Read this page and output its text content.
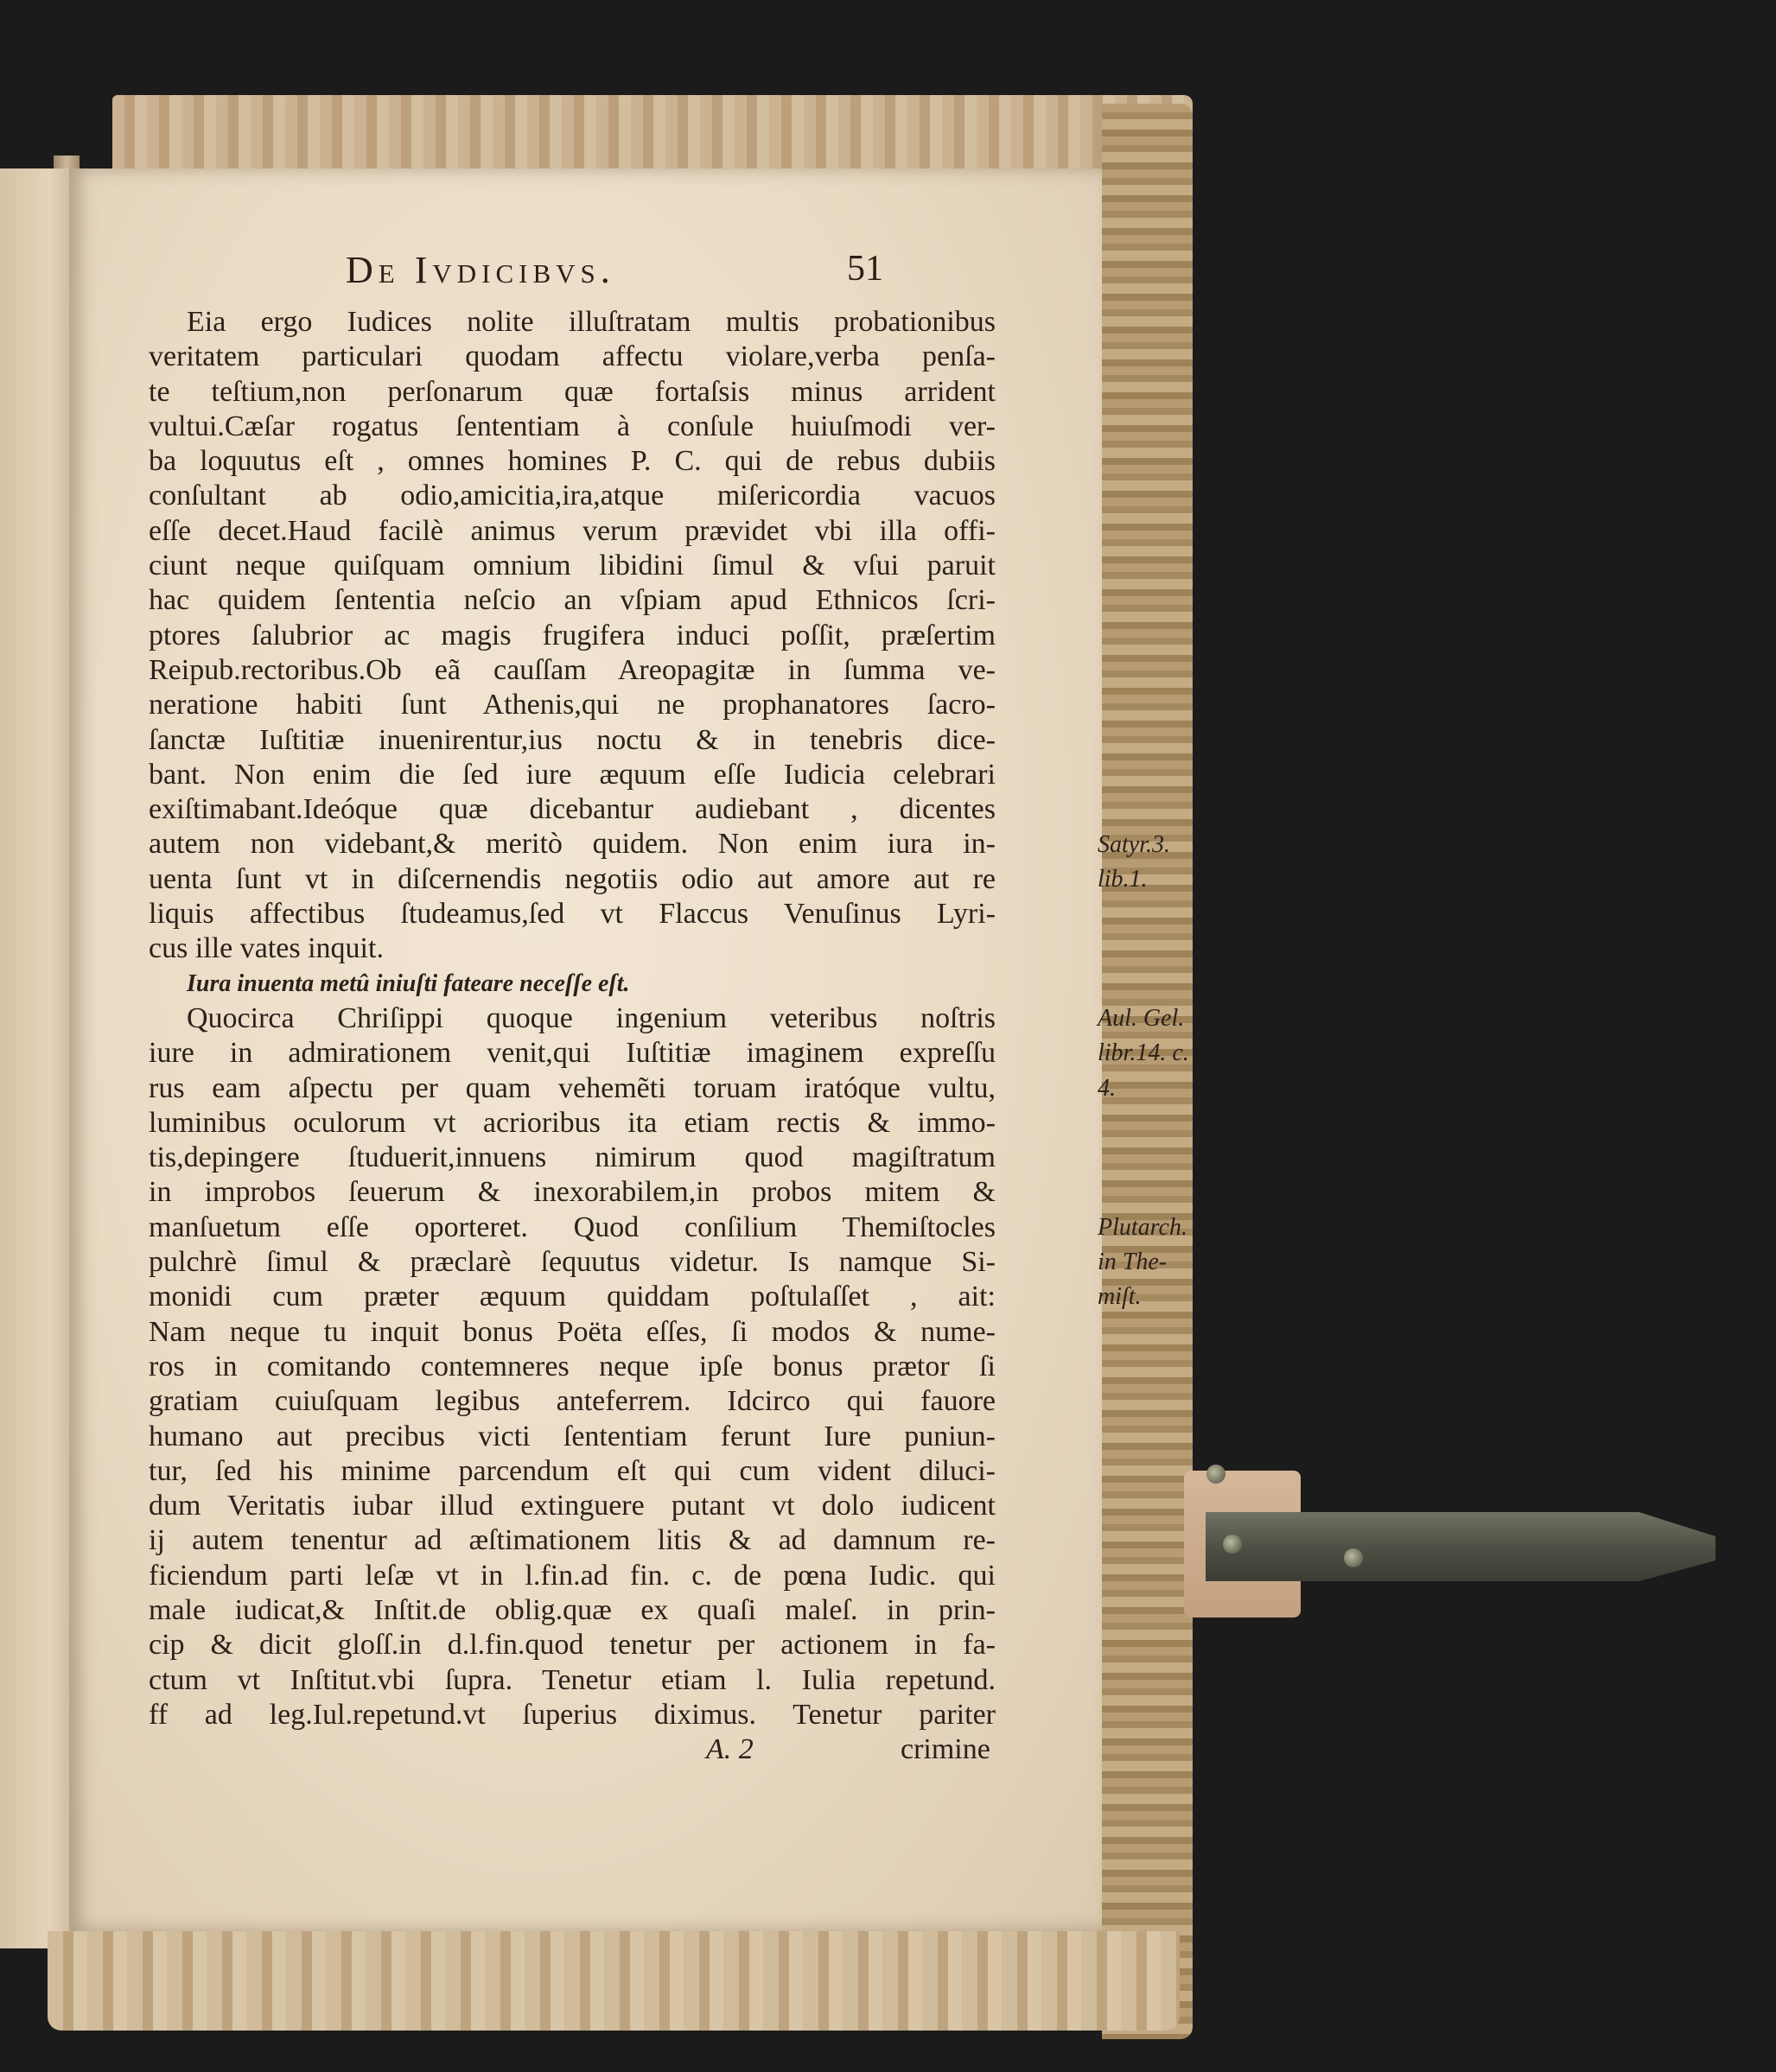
De Ivdicibvs.	51
Eia ergo Iudices nolite illuſtratam multis probationibus
veritatem particulari quodam affectu violare,verba penſa-
te teſtium,non perſonarum quæ fortaſsis minus arrident
vultui.Cæſar rogatus ſententiam à conſule huiuſmodi ver-
ba loquutus eſt , omnes homines P. C. qui de rebus dubiis
conſultant ab odio,amicitia,ira,atque miſericordia vacuos
eſſe decet.Haud facilè animus verum prævidet vbi illa offi-
ciunt neque quiſquam omnium libidini ſimul & vſui paruit
hac quidem ſententia neſcio an vſpiam apud Ethnicos ſcri-
ptores ſalubrior ac magis frugifera induci poſſit, præſertim
Reipub.rectoribus.Ob eã cauſſam Areopagitæ in ſumma ve-
neratione habiti ſunt Athenis,qui ne prophanatores ſacro-
ſanctæ Iuſtitiæ inuenirentur,ius noctu & in tenebris dice-
bant. Non enim die ſed iure æquum eſſe Iudicia celebrari
exiſtimabant.Ideóque quæ dicebantur audiebant , dicentes
autem non videbant,& meritò quidem. Non enim iura in-
uenta ſunt vt in diſcernendis negotiis odio aut amore aut re
liquis affectibus ſtudeamus,ſed vt Flaccus Venuſinus Lyri-
cus ille vates inquit.
Iura inuenta metû iniuſti fateare neceſſe eſt.
Quocirca Chriſippi quoque ingenium veteribus noſtris
iure in admirationem venit,qui Iuſtitiæ imaginem expreſſu
rus eam aſpectu per quam vehemẽti toruam iratóque vultu,
luminibus oculorum vt acrioribus ita etiam rectis & immo-
tis,depingere ſtuduerit,innuens nimirum quod magiſtratum
in improbos ſeuerum & inexorabilem,in probos mitem &
manſuetum eſſe oporteret. Quod conſilium Themiſtocles
pulchrè ſimul & præclarè ſequutus videtur. Is namque Si-
monidi cum præter æquum quiddam poſtulaſſet , ait:
Nam neque tu inquit bonus Poëta eſſes, ſi modos & nume-
ros in comitando contemneres neque ipſe bonus prætor ſi
gratiam cuiuſquam legibus anteferrem. Idcirco qui fauore
humano aut precibus victi ſententiam ferunt Iure puniun-
tur, ſed his minime parcendum eſt qui cum vident diluci-
dum Veritatis iubar illud extinguere putant vt dolo iudicent
ij autem tenentur ad æſtimationem litis & ad damnum re-
ficiendum parti leſæ vt in l.fin.ad fin. c. de pœna Iudic. qui
male iudicat,& Inſtit.de oblig.quæ ex quaſi maleſ. in prin-
cip & dicit gloſſ.in d.l.fin.quod tenetur per actionem in fa-
ctum vt Inſtitut.vbi ſupra. Tenetur etiam l. Iulia repetund.
ff ad leg.Iul.repetund.vt ſuperius diximus. Tenetur pariter
A. 2	crimine
Satyr.3.
lib.1.
Aul. Gel.
libr.14. c.
4.
Plutarch.
in The-
miſt.
